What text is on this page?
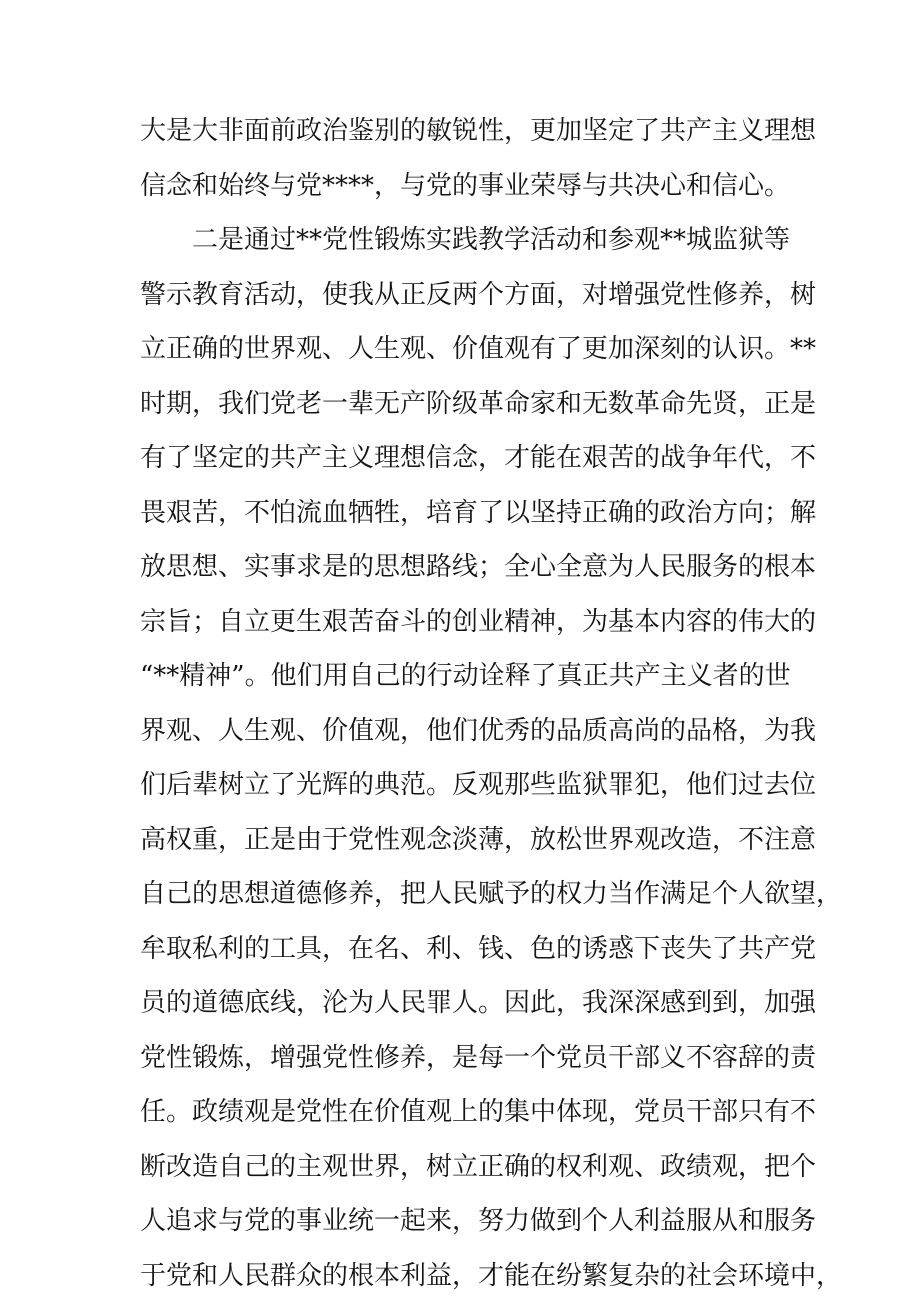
大是大非面前政治鉴别的敏锐性，更加坚定了共产主义理想
信念和始终与党****，与党的事业荣辱与共决心和信心。
二是通过**党性锻炼实践教学活动和参观**城监狱等
警示教育活动，使我从正反两个方面，对增强党性修养，树
立正确的世界观、人生观、价值观有了更加深刻的认识。**
时期，我们党老一辈无产阶级革命家和无数革命先贤，正是
有了坚定的共产主义理想信念，才能在艰苦的战争年代，不
畏艰苦，不怕流血牺牲，培育了以坚持正确的政治方向；解
放思想、实事求是的思想路线；全心全意为人民服务的根本
宗旨；自立更生艰苦奋斗的创业精神，为基本内容的伟大的
“**精神”。他们用自己的行动诠释了真正共产主义者的世
界观、人生观、价值观，他们优秀的品质高尚的品格，为我
们后辈树立了光辉的典范。反观那些监狱罪犯，他们过去位
高权重，正是由于党性观念淡薄，放松世界观改造，不注意
自己的思想道德修养，把人民赋予的权力当作满足个人欲望，
牟取私利的工具，在名、利、钱、色的诱惑下丧失了共产党
员的道德底线，沦为人民罪人。因此，我深深感到到，加强
党性锻炼，增强党性修养，是每一个党员干部义不容辞的责
任。政绩观是党性在价值观上的集中体现，党员干部只有不
断改造自己的主观世界，树立正确的权利观、政绩观，把个
人追求与党的事业统一起来，努力做到个人利益服从和服务
于党和人民群众的根本利益，才能在纷繁复杂的社会环境中，
